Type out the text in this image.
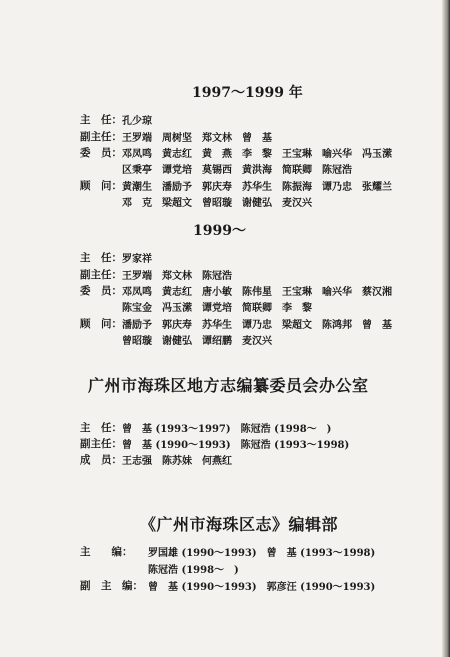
1997～1999 年
主　任： 孔少琼
副主任： 王罗端　周树坚　郑文林　曾　基
委　员： 邓凤鸣　黄志红　黄　燕　李　黎　王宝琳　喻兴华　冯玉潆
区秉亭　谭党培　莫锡西　黄洪海　简联卿　陈冠浩
顾　问： 黄潮生　潘励予　郭庆寿　苏华生　陈振海　谭乃忠　张耀兰
邓　克　梁超文　曾昭璇　谢健弘　麦汉兴
1999～
主　任： 罗家祥
副主任： 王罗端　郑文林　陈冠浩
委　员： 邓凤鸣　黄志红　唐小敏　陈伟星　王宝琳　喻兴华　蔡汉湘
陈宝金　冯玉潆　谭党培　简联卿　李　黎
顾　问： 潘励予　郭庆寿　苏华生　谭乃忠　梁超文　陈鸿邦　曾　基
曾昭璇　谢健弘　谭绍鹏　麦汉兴
广州市海珠区地方志编纂委员会办公室
主　任： 曾　基 (1993～1997)　陈冠浩 (1998～　)
副主任： 曾　基 (1990～1993)　陈冠浩 (1993～1998)
成　员： 王志强　陈苏妹　何燕红
《广州市海珠区志》编辑部
主　　编： 罗国雄 (1990～1993)　曾　基 (1993～1998)
陈冠浩 (1998～　)
副　主　编： 曾　基 (1990～1993)　郭彦汪 (1990～1993)
